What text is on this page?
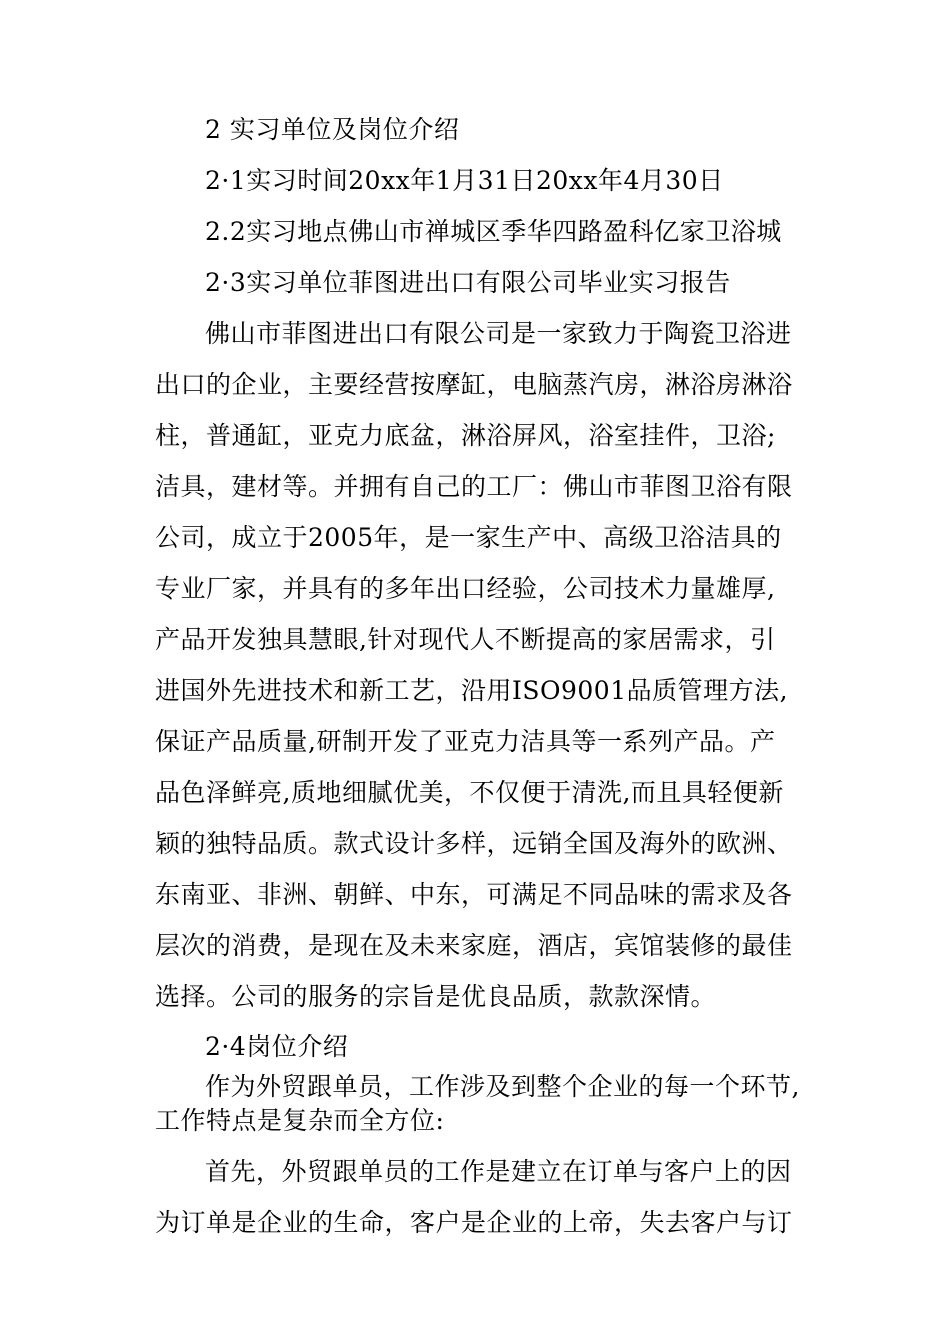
2 实习单位及岗位介绍
2·1实习时间20xx年1月31日20xx年4月30日
2.2实习地点佛山市禅城区季华四路盈科亿家卫浴城
2·3实习单位菲图进出口有限公司毕业实习报告
佛山市菲图进出口有限公司是一家致力于陶瓷卫浴进
出口的企业，主要经营按摩缸，电脑蒸汽房，淋浴房淋浴
柱，普通缸，亚克力底盆，淋浴屏风，浴室挂件，卫浴;
洁具，建材等。并拥有自己的工厂：佛山市菲图卫浴有限
公司，成立于2005年，是一家生产中、高级卫浴洁具的
专业厂家，并具有的多年出口经验，公司技术力量雄厚,
产品开发独具慧眼,针对现代人不断提高的家居需求，引
进国外先进技术和新工艺，沿用ISO9001品质管理方法,
保证产品质量,研制开发了亚克力洁具等一系列产品。产
品色泽鲜亮,质地细腻优美，不仅便于清洗,而且具轻便新
颖的独特品质。款式设计多样，远销全国及海外的欧洲、
东南亚、非洲、朝鲜、中东，可满足不同品味的需求及各
层次的消费，是现在及未来家庭，酒店，宾馆装修的最佳
选择。公司的服务的宗旨是优良品质，款款深情。
2·4岗位介绍
作为外贸跟单员，工作涉及到整个企业的每一个环节,
工作特点是复杂而全方位:
首先，外贸跟单员的工作是建立在订单与客户上的因
为订单是企业的生命，客户是企业的上帝，失去客户与订
